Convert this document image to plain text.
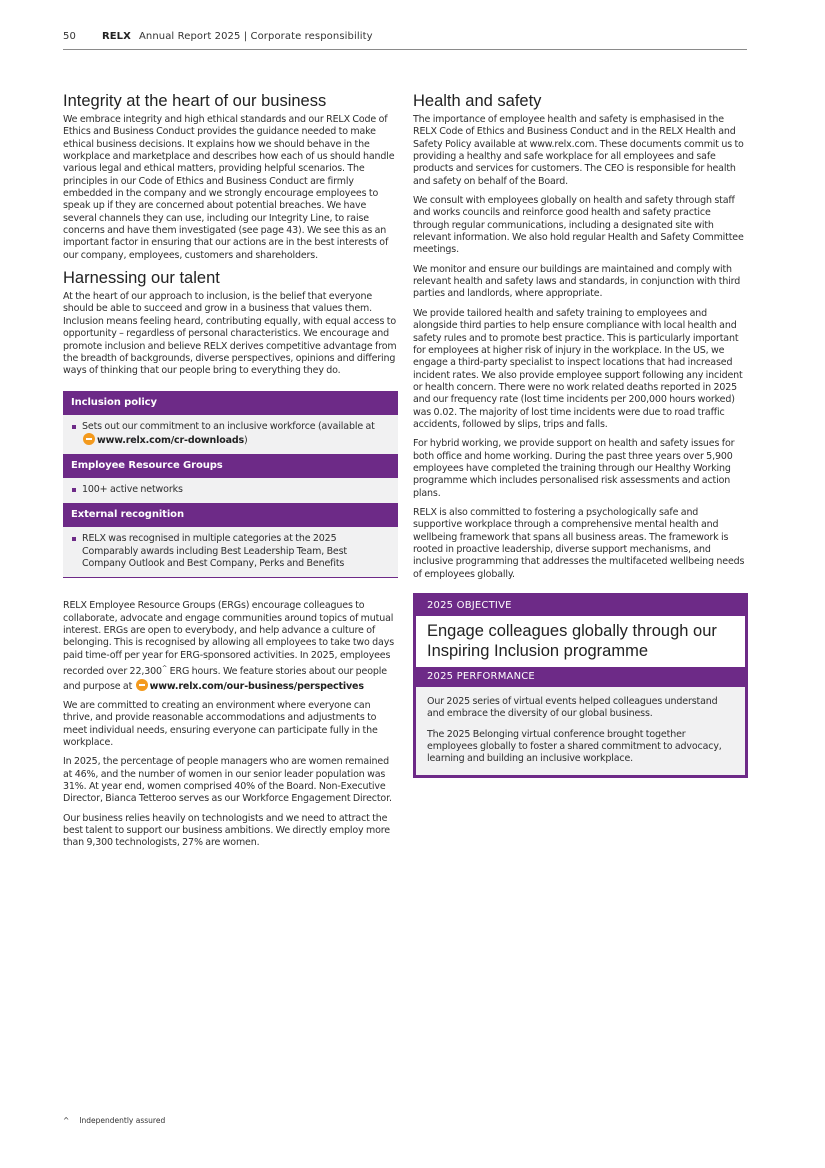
50	RELX Annual Report 2025 | Corporate responsibility
Integrity at the heart of our business

We embrace integrity and high ethical standards and our RELX Code of Ethics and Business Conduct provides the guidance needed to make ethical business decisions. It explains how we should behave in the workplace and marketplace and describes how each of us should handle various legal and ethical matters, providing helpful scenarios. The principles in our Code of Ethics and Business Conduct are firmly embedded in the company and we strongly encourage employees to speak up if they are concerned about potential breaches. We have several channels they can use, including our Integrity Line, to raise concerns and have them investigated (see page 43). We see this as an important factor in ensuring that our actions are in the best interests of our company, employees, customers and shareholders.

Harnessing our talent

At the heart of our approach to inclusion, is the belief that everyone should be able to succeed and grow in a business that values them. Inclusion means feeling heard, contributing equally, with equal access to opportunity – regardless of personal characteristics. We encourage and promote inclusion and believe RELX derives competitive advantage from the breadth of backgrounds, diverse perspectives, opinions and differing ways of thinking that our people bring to everything they do.

Inclusion policy
Sets out our commitment to an inclusive workforce (available at www.relx.com/cr-downloads)
Employee Resource Groups
100+ active networks
External recognition
RELX was recognised in multiple categories at the 2025 Comparably awards including Best Leadership Team, Best Company Outlook and Best Company, Perks and Benefits

RELX Employee Resource Groups (ERGs) encourage colleagues to collaborate, advocate and engage communities around topics of mutual interest. ERGs are open to everybody, and help advance a culture of belonging. This is recognised by allowing all employees to take two days paid time-off per year for ERG-sponsored activities. In 2025, employees recorded over 22,300^ ERG hours. We feature stories about our people and purpose at www.relx.com/our-business/perspectives

We are committed to creating an environment where everyone can thrive, and provide reasonable accommodations and adjustments to meet individual needs, ensuring everyone can participate fully in the workplace.

In 2025, the percentage of people managers who are women remained at 46%, and the number of women in our senior leader population was 31%. At year end, women comprised 40% of the Board. Non-Executive Director, Bianca Tetteroo serves as our Workforce Engagement Director.

Our business relies heavily on technologists and we need to attract the best talent to support our business ambitions. We directly employ more than 9,300 technologists, 27% are women.

Health and safety

The importance of employee health and safety is emphasised in the RELX Code of Ethics and Business Conduct and in the RELX Health and Safety Policy available at www.relx.com. These documents commit us to providing a healthy and safe workplace for all employees and safe products and services for customers. The CEO is responsible for health and safety on behalf of the Board.

We consult with employees globally on health and safety through staff and works councils and reinforce good health and safety practice through regular communications, including a designated site with relevant information. We also hold regular Health and Safety Committee meetings.

We monitor and ensure our buildings are maintained and comply with relevant health and safety laws and standards, in conjunction with third parties and landlords, where appropriate.

We provide tailored health and safety training to employees and alongside third parties to help ensure compliance with local health and safety rules and to promote best practice. This is particularly important for employees at higher risk of injury in the workplace. In the US, we engage a third-party specialist to inspect locations that had increased incident rates. We also provide employee support following any incident or health concern. There were no work related deaths reported in 2025 and our frequency rate (lost time incidents per 200,000 hours worked) was 0.02. The majority of lost time incidents were due to road traffic accidents, followed by slips, trips and falls.

For hybrid working, we provide support on health and safety issues for both office and home working. During the past three years over 5,900 employees have completed the training through our Healthy Working programme which includes personalised risk assessments and action plans.

RELX is also committed to fostering a psychologically safe and supportive workplace through a comprehensive mental health and wellbeing framework that spans all business areas. The framework is rooted in proactive leadership, diverse support mechanisms, and inclusive programming that addresses the multifaceted wellbeing needs of employees globally.

2025 OBJECTIVE
Engage colleagues globally through our Inspiring Inclusion programme
2025 PERFORMANCE

Our 2025 series of virtual events helped colleagues understand and embrace the diversity of our global business.

The 2025 Belonging virtual conference brought together employees globally to foster a shared commitment to advocacy, learning and building an inclusive workplace.

^ Independently assured
